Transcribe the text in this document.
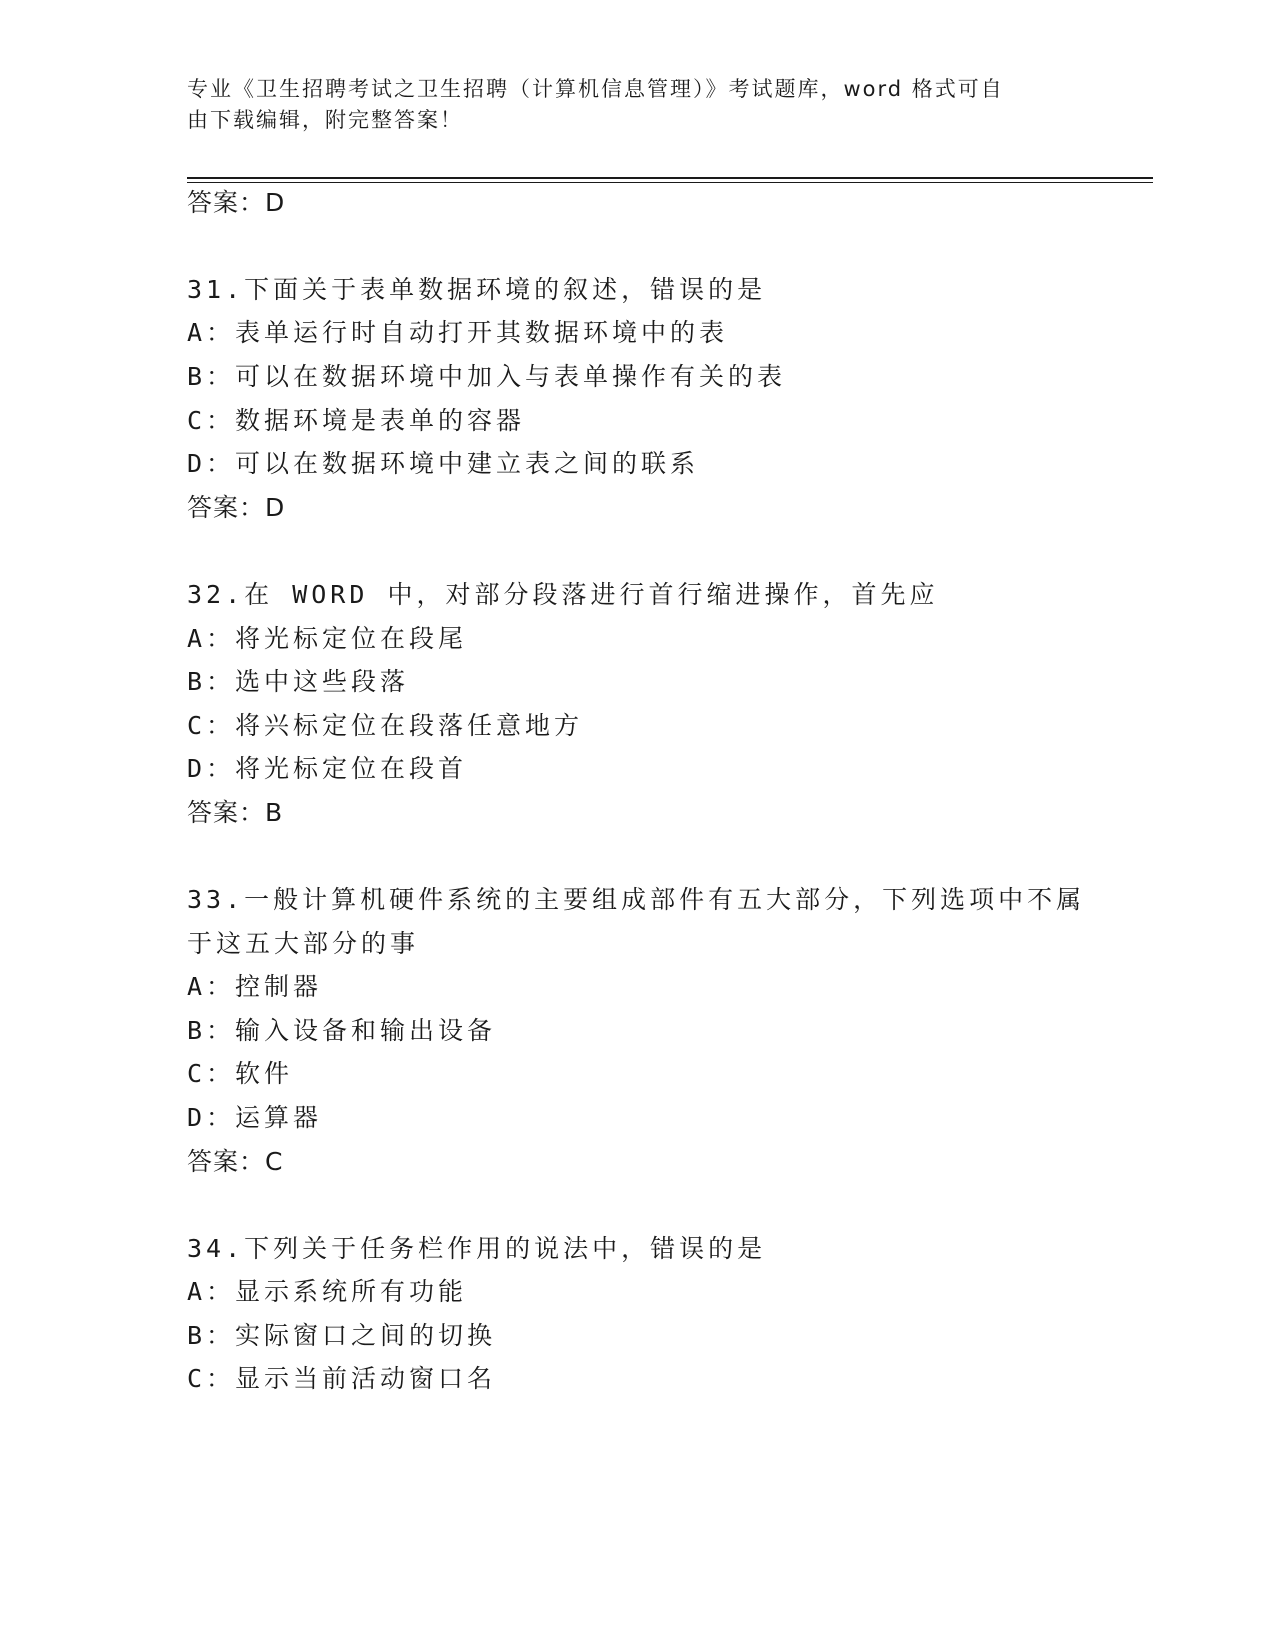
专业《卫生招聘考试之卫生招聘（计算机信息管理）》考试题库，word 格式可自
由下载编辑，附完整答案！
答案：D
31.下面关于表单数据环境的叙述，错误的是
A：表单运行时自动打开其数据环境中的表
B：可以在数据环境中加入与表单操作有关的表
C：数据环境是表单的容器
D：可以在数据环境中建立表之间的联系
答案：D
32.在 WORD 中，对部分段落进行首行缩进操作，首先应
A：将光标定位在段尾
B：选中这些段落
C：将兴标定位在段落任意地方
D：将光标定位在段首
答案：B
33.一般计算机硬件系统的主要组成部件有五大部分，下列选项中不属
于这五大部分的事
A：控制器
B：输入设备和输出设备
C：软件
D：运算器
答案：C
34.下列关于任务栏作用的说法中，错误的是
A：显示系统所有功能
B：实际窗口之间的切换
C：显示当前活动窗口名
